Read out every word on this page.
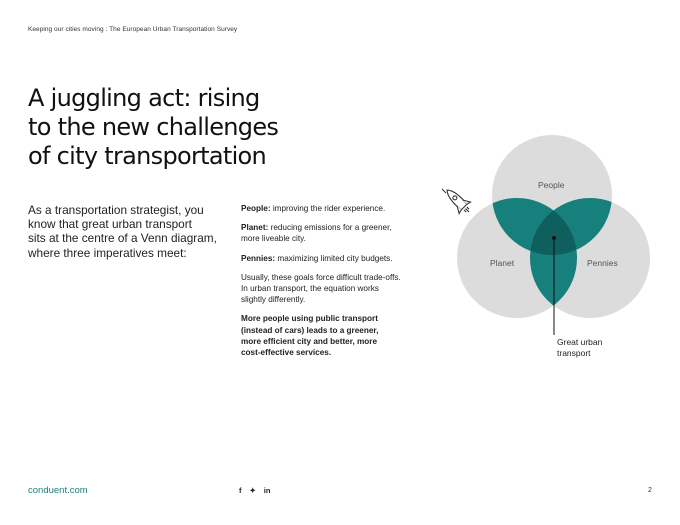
Keeping our cities moving : The European Urban Transportation Survey
A juggling act: rising
to the new challenges
of city transportation
As a transportation strategist, you
know that great urban transport
sits at the centre of a Venn diagram,
where three imperatives meet:

People: improving the rider experience.

Planet: reducing emissions for a greener,
more liveable city.

Pennies: maximizing limited city budgets.

Usually, these goals force difficult trade-offs.
In urban transport, the equation works
slightly differently.

More people using public transport
(instead of cars) leads to a greener,
more efficient city and better, more
cost-effective services.

People
Planet	Pennies
Great urban
transport
conduent.com	f ✦ in	2
